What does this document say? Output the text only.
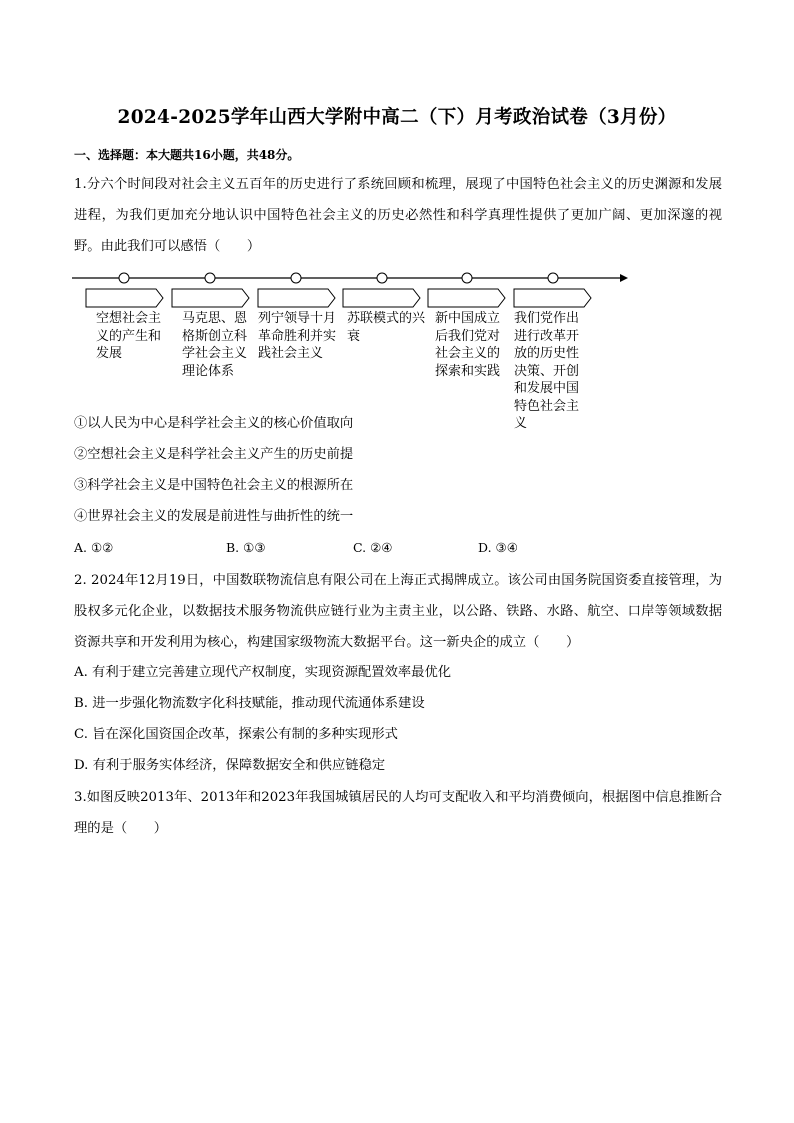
2024-2025学年山西大学附中高二（下）月考政治试卷（3月份）
一、选择题：本大题共16小题，共48分。
1.分六个时间段对社会主义五百年的历史进行了系统回顾和梳理，展现了中国特色社会主义的历史渊源和发展进程，为我们更加充分地认识中国特色社会主义的历史必然性和科学真理性提供了更加广阔、更加深邃的视野。由此我们可以感悟（　　）
空想社会主义的产生和发展
马克思、恩格斯创立科学社会主义理论体系
列宁领导十月革命胜利并实践社会主义
苏联模式的兴衰
新中国成立后我们党对社会主义的探索和实践
我们党作出进行改革开放的历史性决策、开创和发展中国特色社会主义
①以人民为中心是科学社会主义的核心价值取向
②空想社会主义是科学社会主义产生的历史前提
③科学社会主义是中国特色社会主义的根源所在
④世界社会主义的发展是前进性与曲折性的统一
A. ①②	B. ①③	C. ②④	D. ③④
2. 2024年12月19日，中国数联物流信息有限公司在上海正式揭牌成立。该公司由国务院国资委直接管理，为股权多元化企业，以数据技术服务物流供应链行业为主责主业，以公路、铁路、水路、航空、口岸等领域数据资源共享和开发利用为核心，构建国家级物流大数据平台。这一新央企的成立（　　）
A. 有利于建立完善建立现代产权制度，实现资源配置效率最优化
B. 进一步强化物流数字化科技赋能，推动现代流通体系建设
C. 旨在深化国资国企改革，探索公有制的多种实现形式
D. 有利于服务实体经济，保障数据安全和供应链稳定
3.如图反映2013年、2013年和2023年我国城镇居民的人均可支配收入和平均消费倾向，根据图中信息推断合理的是（　　）
